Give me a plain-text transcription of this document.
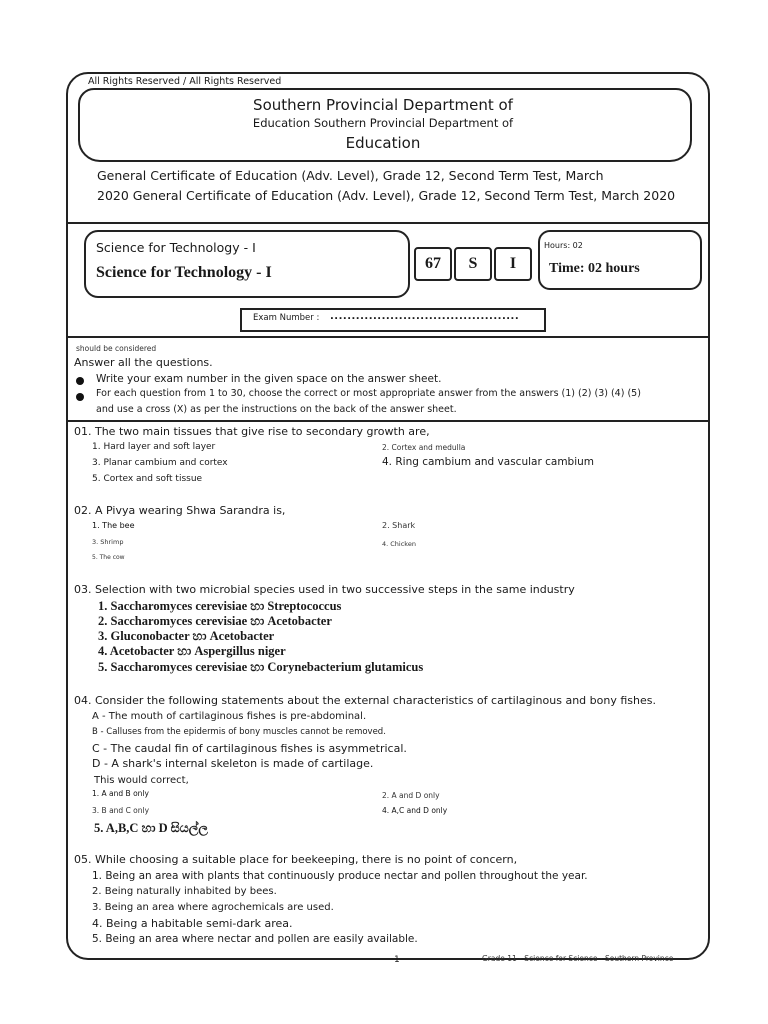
All Rights Reserved / All Rights Reserved
Southern Provincial Department of
Education Southern Provincial Department of
Education
General Certificate of Education (Adv. Level), Grade 12, Second Term Test, March
2020 General Certificate of Education (Adv. Level), Grade 12, Second Term Test, March 2020
Science for Technology - I
Science for Technology - I
67	S	I
Hours: 02
Time: 02 hours
Exam Number : ............................................
should be considered
Answer all the questions.
Write your exam number in the given space on the answer sheet.
For each question from 1 to 30, choose the correct or most appropriate answer from the answers (1) (2) (3) (4) (5)
and use a cross (X) as per the instructions on the back of the answer sheet.
01. The two main tissues that give rise to secondary growth are,
1. Hard layer and soft layer	2. Cortex and medulla
3. Planar cambium and cortex	4. Ring cambium and vascular cambium
5. Cortex and soft tissue
02. A Pivya wearing Shwa Sarandra is,
1. The bee	2. Shark
3. Shrimp	4. Chicken
5. The cow
03. Selection with two microbial species used in two successive steps in the same industry
1. Saccharomyces cerevisiae හා Streptococcus
2. Saccharomyces cerevisiae හා Acetobacter
3. Gluconobacter හා Acetobacter
4. Acetobacter හා Aspergillus niger
5. Saccharomyces cerevisiae හා Corynebacterium glutamicus
04. Consider the following statements about the external characteristics of cartilaginous and bony fishes.
A - The mouth of cartilaginous fishes is pre-abdominal.
B - Calluses from the epidermis of bony muscles cannot be removed.
C - The caudal fin of cartilaginous fishes is asymmetrical.
D - A shark's internal skeleton is made of cartilage.
This would correct,
1. A and B only	2. A and D only
3. B and C only	4. A,C and D only
5. A,B,C හා D සියල්ල
05. While choosing a suitable place for beekeeping, there is no point of concern,
1. Being an area with plants that continuously produce nectar and pollen throughout the year.
2. Being naturally inhabited by bees.
3. Being an area where agrochemicals are used.
4. Being a habitable semi-dark area.
5. Being an area where nectar and pollen are easily available.
1	Grade 11 - Science for Science - Southern Province
